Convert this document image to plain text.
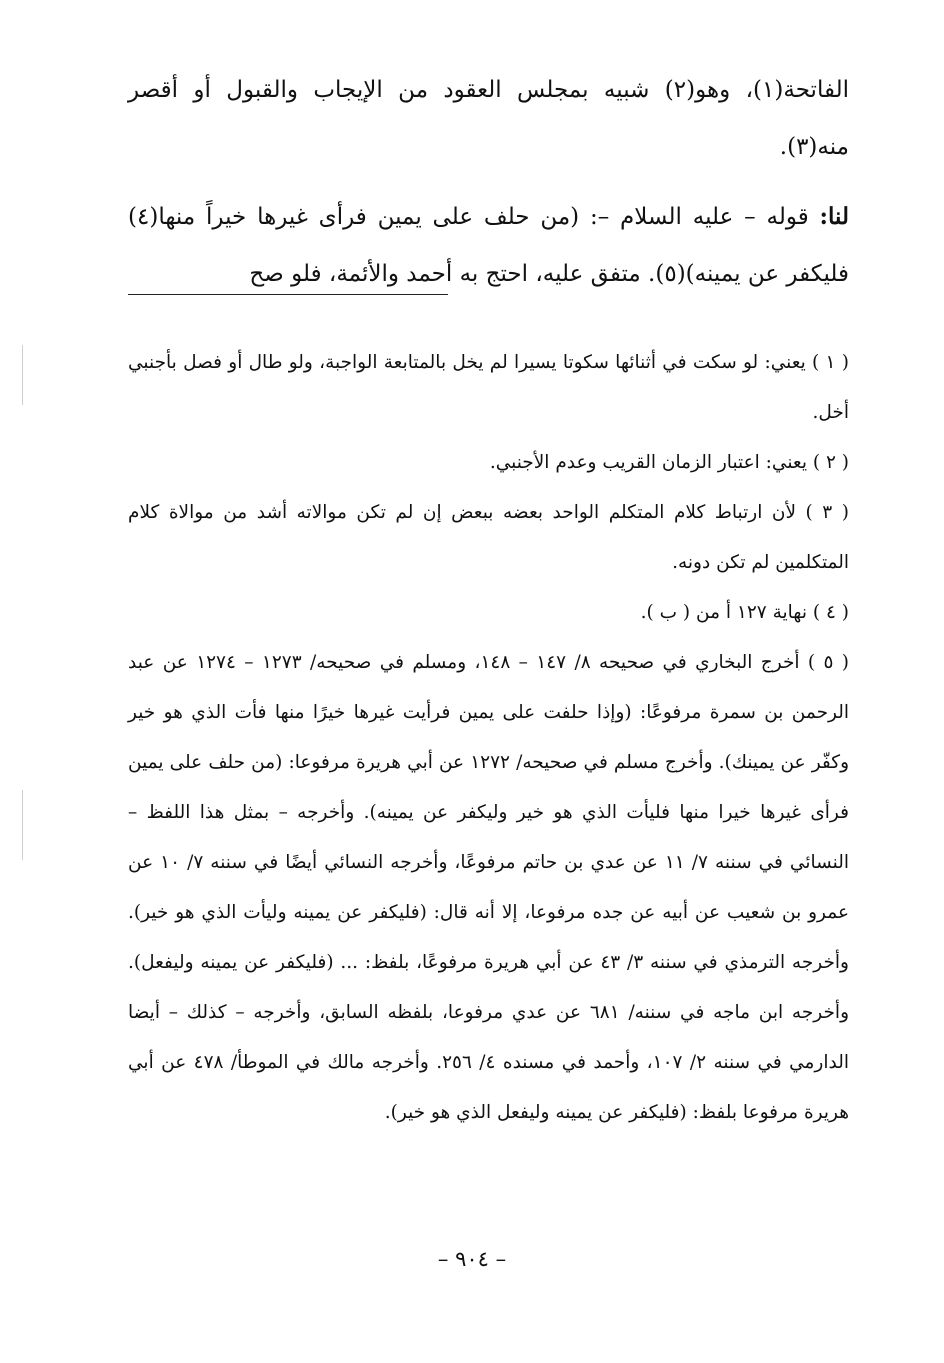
الفاتحة(١)، وهو(٢) شبيه بمجلس العقود من الإيجاب والقبول أو أقصر منه(٣).

لنا: قوله – عليه السلام –: (من حلف على يمين فرأى غيرها خيراً منها(٤) فليكفر عن يمينه)(٥). متفق عليه، احتج به أحمد والأئمة، فلو صح

( ١ ) يعني: لو سكت في أثنائها سكوتا يسيرا لم يخل بالمتابعة الواجبة، ولو طال أو فصل بأجنبي أخل.

( ٢ ) يعني: اعتبار الزمان القريب وعدم الأجنبي.

( ٣ ) لأن ارتباط كلام المتكلم الواحد بعضه ببعض إن لم تكن موالاته أشد من موالاة كلام المتكلمين لم تكن دونه.

( ٤ ) نهاية ١٢٧ أ من ( ب ).

( ٥ ) أخرج البخاري في صحيحه ٨/ ١٤٧ – ١٤٨، ومسلم في صحيحه/ ١٢٧٣ – ١٢٧٤ عن عبد الرحمن بن سمرة مرفوعًا: (وإذا حلفت على يمين فرأيت غيرها خيرًا منها فأت الذي هو خير وكفّر عن يمينك). وأخرج مسلم في صحيحه/ ١٢٧٢ عن أبي هريرة مرفوعا: (من حلف على يمين فرأى غيرها خيرا منها فليأت الذي هو خير وليكفر عن يمينه). وأخرجه – بمثل هذا اللفظ – النسائي في سننه ٧/ ١١ عن عدي بن حاتم مرفوعًا، وأخرجه النسائي أيضًا في سننه ٧/ ١٠ عن عمرو بن شعيب عن أبيه عن جده مرفوعا، إلا أنه قال: (فليكفر عن يمينه وليأت الذي هو خير). وأخرجه الترمذي في سننه ٣/ ٤٣ عن أبي هريرة مرفوعًا، بلفظ: ... (فليكفر عن يمينه وليفعل). وأخرجه ابن ماجه في سننه/ ٦٨١ عن عدي مرفوعا، بلفظه السابق، وأخرجه – كذلك – أيضا الدارمي في سننه ٢/ ١٠٧، وأحمد في مسنده ٤/ ٢٥٦. وأخرجه مالك في الموطأ/ ٤٧٨ عن أبي هريرة مرفوعا بلفظ: (فليكفر عن يمينه وليفعل الذي هو خير).

– ٩٠٤ –
